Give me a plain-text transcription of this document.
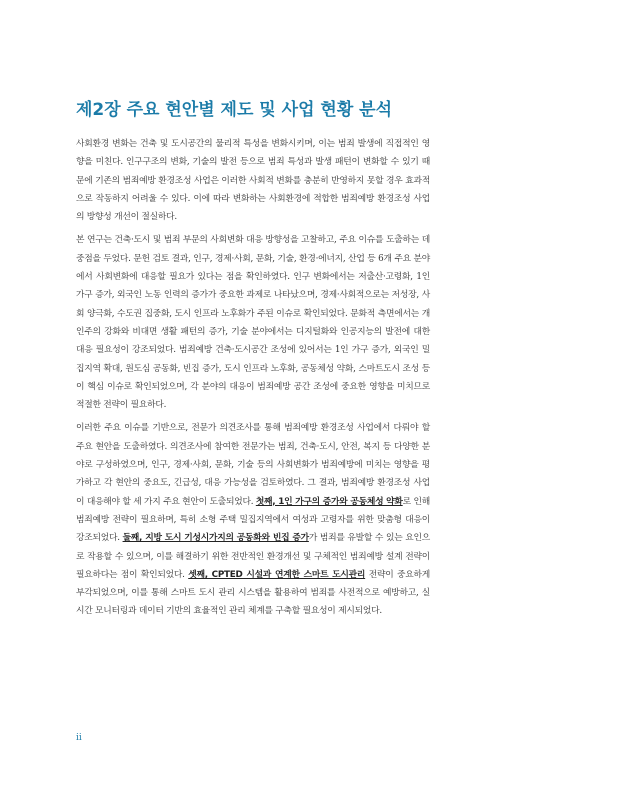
제2장 주요 현안별 제도 및 사업 현황 분석

사회환경 변화는 건축 및 도시공간의 물리적 특성을 변화시키며, 이는 범죄 발생에 직접적인 영향을 미친다. 인구구조의 변화, 기술의 발전 등으로 범죄 특성과 발생 패턴이 변화할 수 있기 때문에 기존의 범죄예방 환경조성 사업은 이러한 사회적 변화를 충분히 반영하지 못할 경우 효과적으로 작동하지 어려울 수 있다. 이에 따라 변화하는 사회환경에 적합한 범죄예방 환경조성 사업의 방향성 개선이 절실하다.

본 연구는 건축·도시 및 범죄 부문의 사회변화 대응 방향성을 고찰하고, 주요 이슈를 도출하는 데 중점을 두었다. 문헌 검토 결과, 인구, 경제·사회, 문화, 기술, 환경·에너지, 산업 등 6개 주요 분야에서 사회변화에 대응할 필요가 있다는 점을 확인하였다. 인구 변화에서는 저출산·고령화, 1인 가구 증가, 외국인 노동 인력의 증가가 중요한 과제로 나타났으며, 경제·사회적으로는 저성장, 사회 양극화, 수도권 집중화, 도시 인프라 노후화가 주된 이슈로 확인되었다. 문화적 측면에서는 개인주의 강화와 비대면 생활 패턴의 증가, 기술 분야에서는 디지털화와 인공지능의 발전에 대한 대응 필요성이 강조되었다. 범죄예방 건축·도시공간 조성에 있어서는 1인 가구 증가, 외국인 밀집지역 확대, 원도심 공동화, 빈집 증가, 도시 인프라 노후화, 공동체성 약화, 스마트도시 조성 등이 핵심 이슈로 확인되었으며, 각 분야의 대응이 범죄예방 공간 조성에 중요한 영향을 미치므로 적절한 전략이 필요하다.

이러한 주요 이슈를 기반으로, 전문가 의견조사를 통해 범죄예방 환경조성 사업에서 다뤄야 할 주요 현안을 도출하였다. 의견조사에 참여한 전문가는 범죄, 건축·도시, 안전, 복지 등 다양한 분야로 구성하였으며, 인구, 경제·사회, 문화, 기술 등의 사회변화가 범죄예방에 미치는 영향을 평가하고 각 현안의 중요도, 긴급성, 대응 가능성을 검토하였다. 그 결과, 범죄예방 환경조성 사업이 대응해야 할 세 가지 주요 현안이 도출되었다. 첫째, 1인 가구의 증가와 공동체성 약화로 인해 범죄예방 전략이 필요하며, 특히 소형 주택 밀집지역에서 여성과 고령자를 위한 맞춤형 대응이 강조되었다. 둘째, 지방 도시 기성시가지의 공동화와 빈집 증가가 범죄를 유발할 수 있는 요인으로 작용할 수 있으며, 이를 해결하기 위한 전반적인 환경개선 및 구체적인 범죄예방 설계 전략이 필요하다는 점이 확인되었다. 셋째, CPTED 시설과 연계한 스마트 도시관리 전략이 중요하게 부각되었으며, 이를 통해 스마트 도시 관리 시스템을 활용하여 범죄를 사전적으로 예방하고, 실시간 모니터링과 데이터 기반의 효율적인 관리 체계를 구축할 필요성이 제시되었다.

ii
